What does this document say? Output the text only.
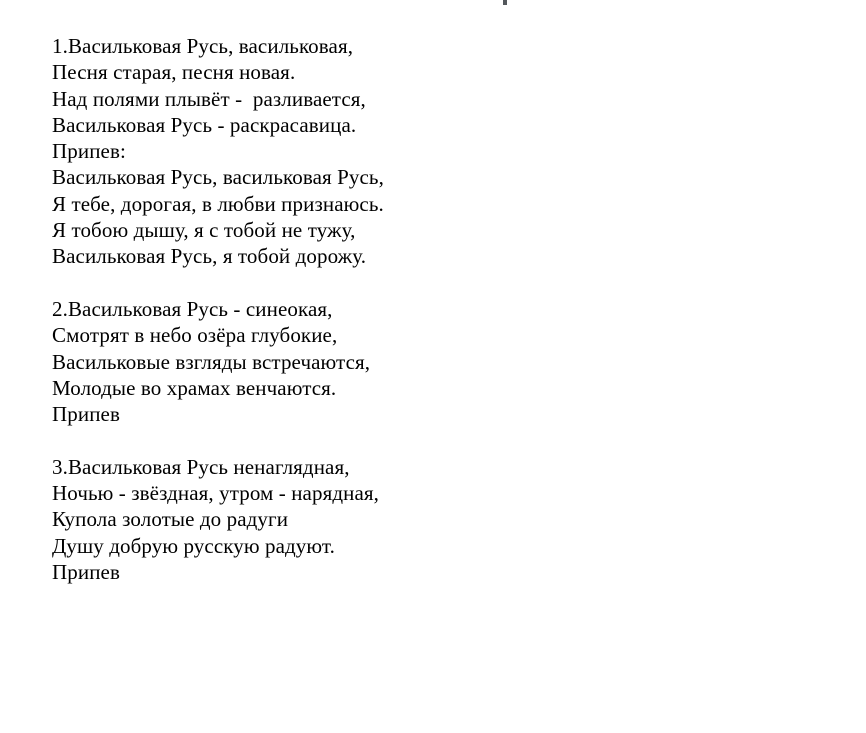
1.Васильковая Русь, васильковая,
Песня старая, песня новая.
Над полями плывёт -  разливается,
Васильковая Русь - раскрасавица.
Припев:
Васильковая Русь, васильковая Русь,
Я тебе, дорогая, в любви признаюсь.
Я тобою дышу, я с тобой не тужу,
Васильковая Русь, я тобой дорожу.
2.Васильковая Русь - синеокая,
Смотрят в небо озёра глубокие,
Васильковые взгляды встречаются,
Молодые во храмах венчаются.
Припев
3.Васильковая Русь ненаглядная,
Ночью - звёздная, утром - нарядная,
Купола золотые до радуги
Душу добрую русскую радуют.
Припев
